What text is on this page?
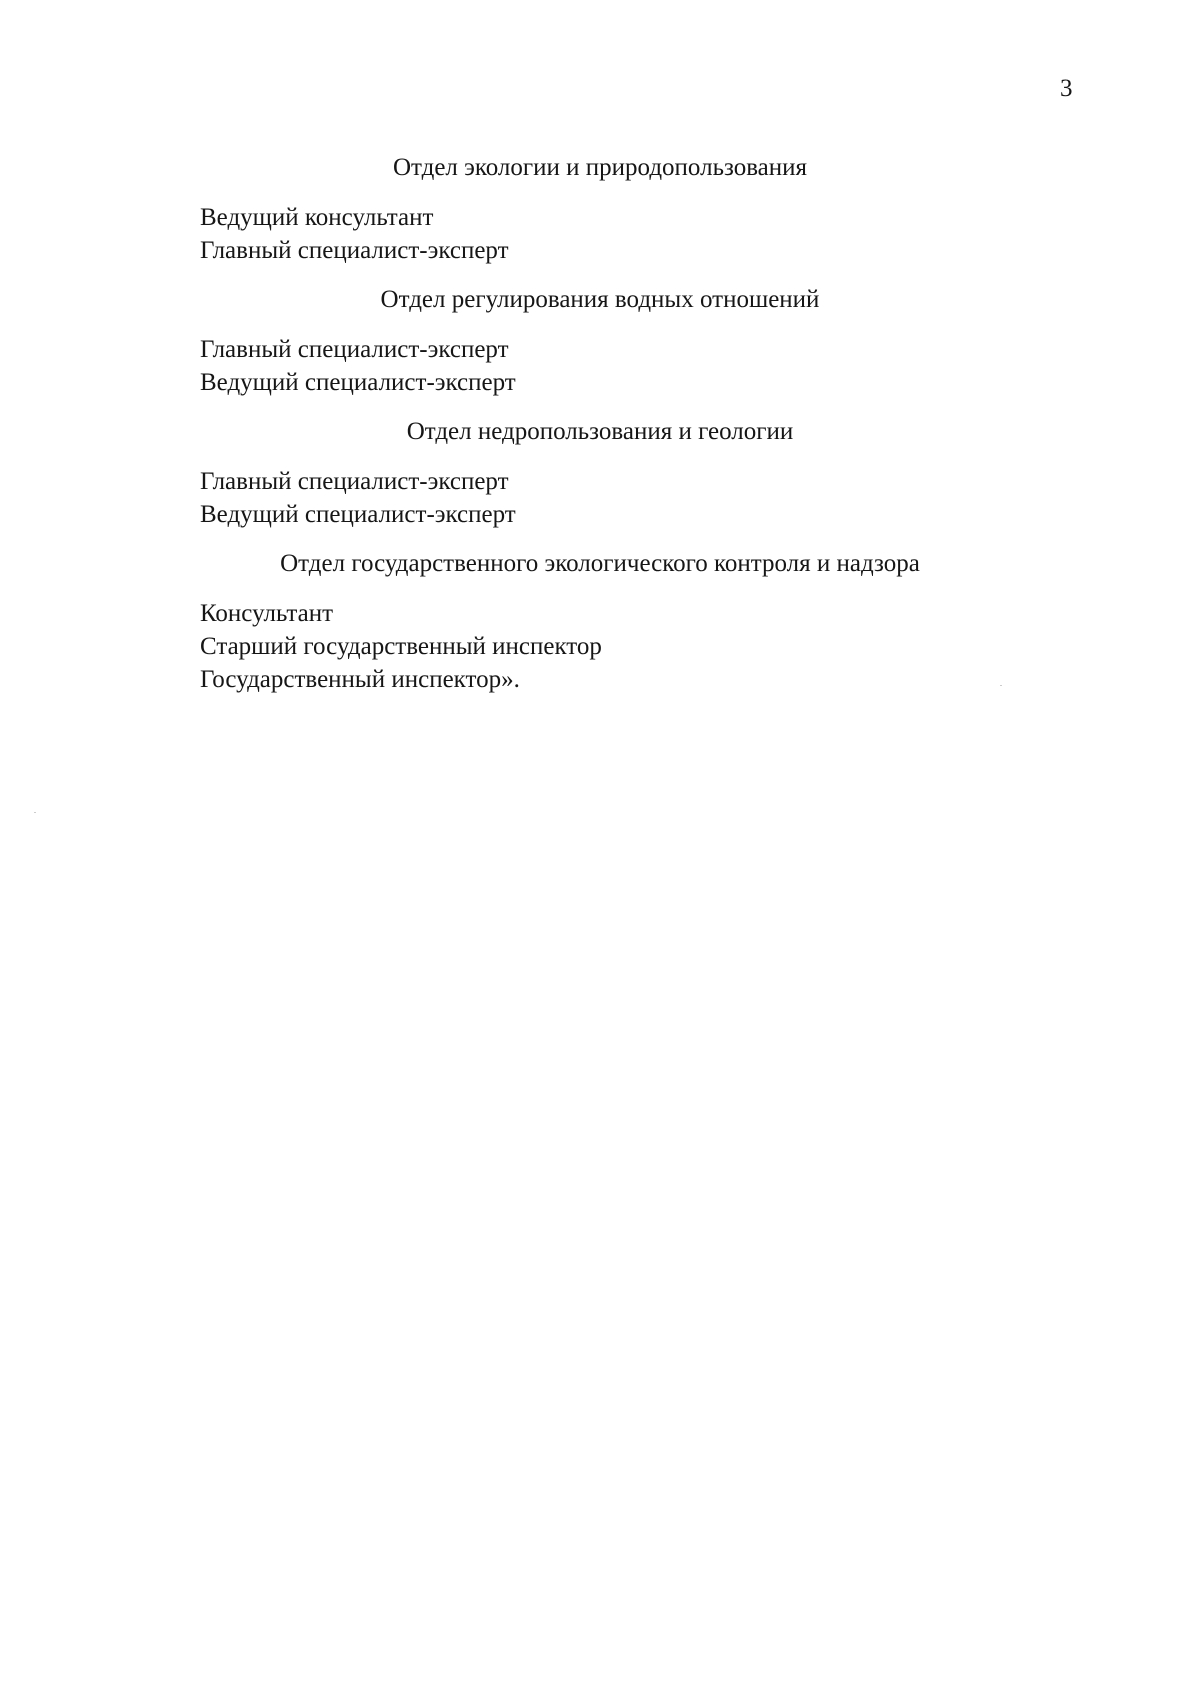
3
Отдел экологии и природопользования
Ведущий консультант
Главный специалист-эксперт
Отдел регулирования водных отношений
Главный специалист-эксперт
Ведущий специалист-эксперт
Отдел недропользования и геологии
Главный специалист-эксперт
Ведущий специалист-эксперт
Отдел государственного экологического контроля и надзора
Консультант
Старший государственный инспектор
Государственный инспектор».
